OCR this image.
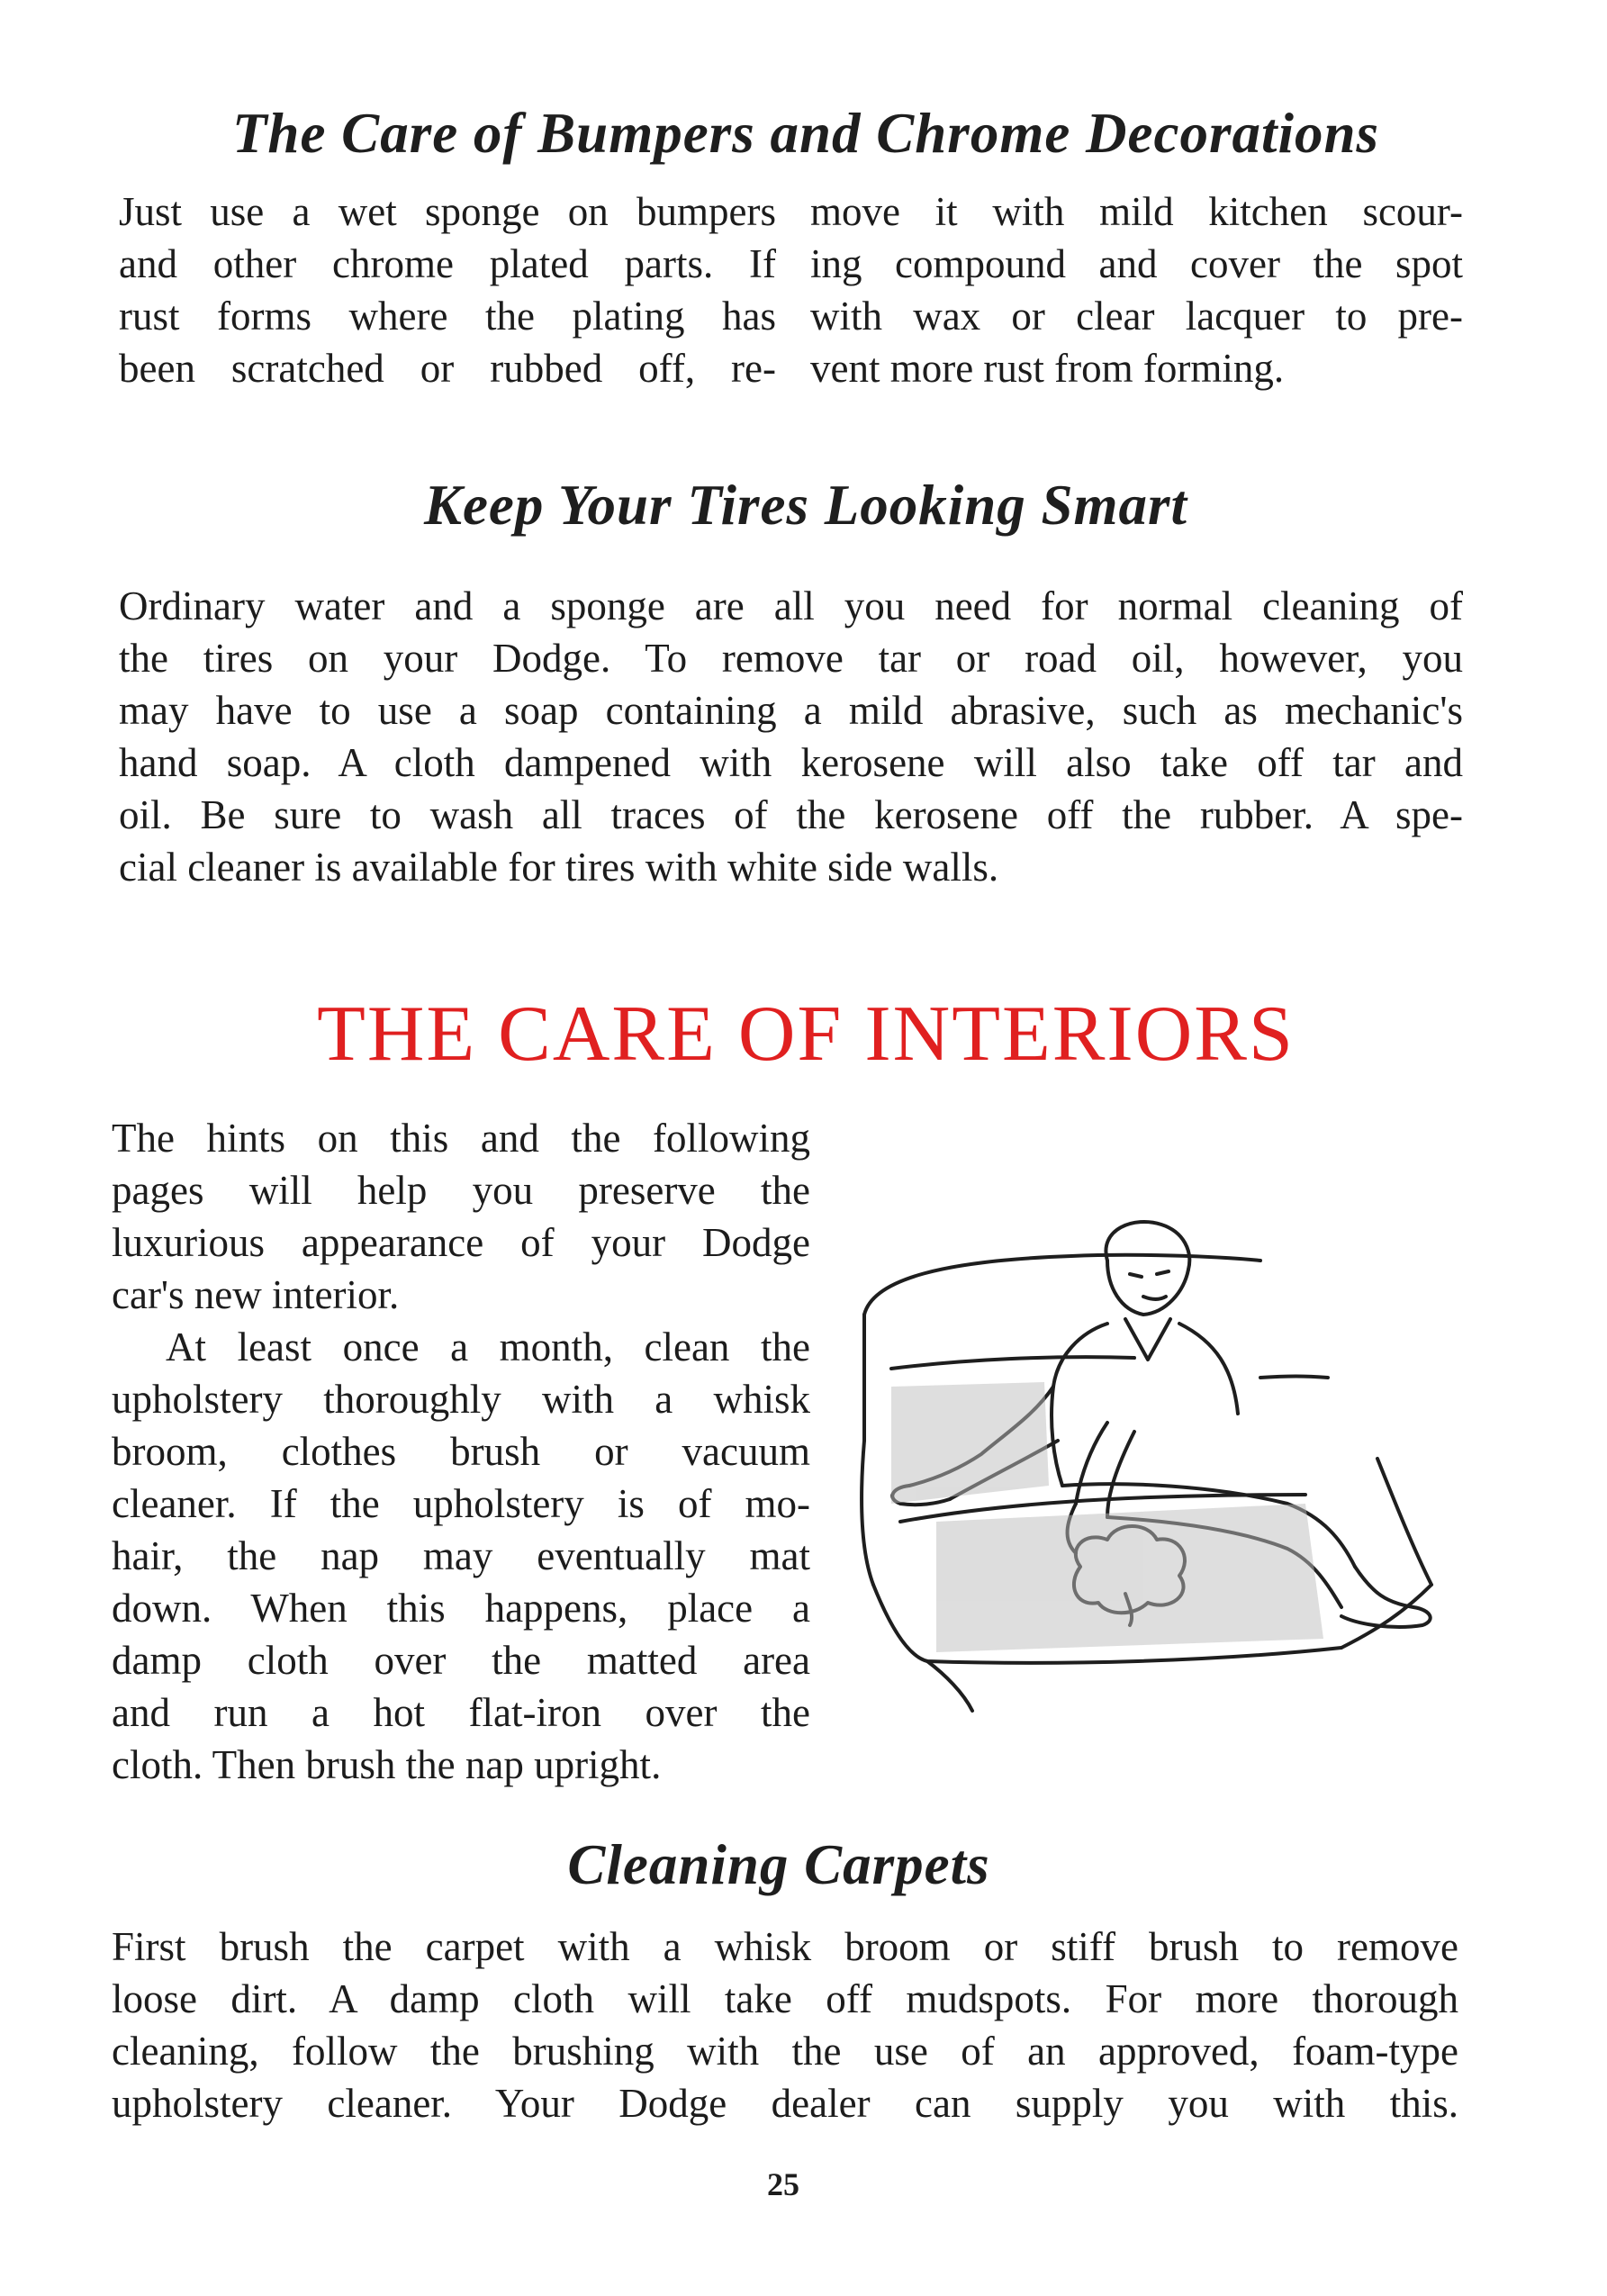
The Care of Bumpers and Chrome Decorations
Just use a wet sponge on bumpers
and other chrome plated parts. If
rust forms where the plating has
been scratched or rubbed off, re-
move it with mild kitchen scour-
ing compound and cover the spot
with wax or clear lacquer to pre-
vent more rust from forming.
Keep Your Tires Looking Smart
Ordinary water and a sponge are all you need for normal cleaning of
the tires on your Dodge. To remove tar or road oil, however, you
may have to use a soap containing a mild abrasive, such as mechanic's
hand soap. A cloth dampened with kerosene will also take off tar and
oil. Be sure to wash all traces of the kerosene off the rubber. A spe-
cial cleaner is available for tires with white side walls.
THE CARE OF INTERIORS
The hints on this and the following
pages will help you preserve the
luxurious appearance of your Dodge
car's new interior.
At least once a month, clean the
upholstery thoroughly with a whisk
broom, clothes brush or vacuum
cleaner. If the upholstery is of mo-
hair, the nap may eventually mat
down. When this happens, place a
damp cloth over the matted area
and run a hot flat-iron over the
cloth. Then brush the nap upright.
Cleaning Carpets
First brush the carpet with a whisk broom or stiff brush to remove
loose dirt. A damp cloth will take off mudspots. For more thorough
cleaning, follow the brushing with the use of an approved, foam-type
upholstery cleaner. Your Dodge dealer can supply you with this.
25
